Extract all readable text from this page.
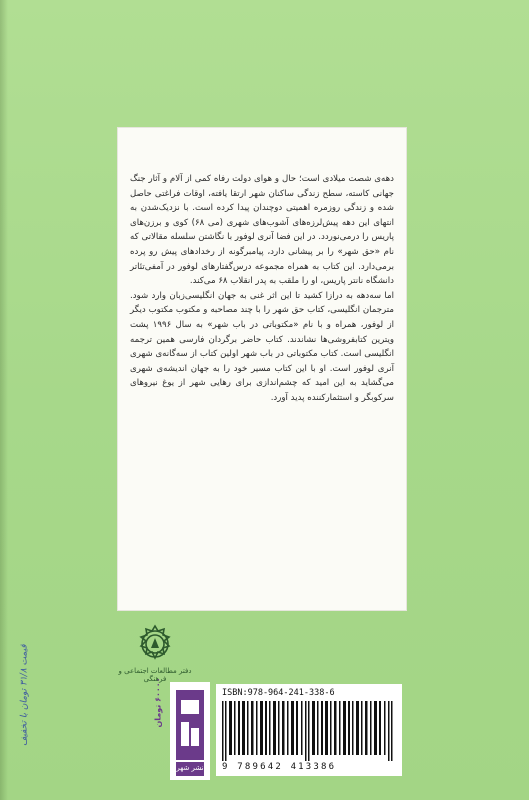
دهه‌ی شصت میلادی است؛ حال و هوای دولت رفاه کمی از آلام و آثار جنگ جهانی کاسته، سطح زندگی ساکنان شهر ارتقا یافته، اوقات فراغتی حاصل شده و زندگی روزمره اهمیتی دوچندان پیدا کرده است. با نزدیک‌شدن به انتهای این دهه پیش‌لرزه‌های آشوب‌های شهری (می ۶۸) کوی و برزن‌های پاریس را درمی‌نوردد. در این فضا آنری لوفور با نگاشتن سلسله مقالاتی که نام «حق شهر» را بر پیشانی دارد، پیامبرگونه از رخدادهای پیش رو پرده برمی‌دارد. این کتاب به همراه مجموعه درس‌گفتارهای لوفور در آمفی‌تئاتر دانشگاه نانتر پاریس، او را ملقب به پدر انقلاب ۶۸ می‌کند.

اما سه‌دهه به درازا کشید تا این اثر غنی به جهان انگلیسی‌زبان وارد شود. مترجمان انگلیسی، کتاب حق شهر را با چند مصاحبه و مکتوب مکتوب دیگر از لوفور، همراه و با نام «مکتوباتی در باب شهر» به سال ۱۹۹۶ پشت ویترین کتابفروشی‌ها نشاندند. کتاب حاضر برگردان فارسی همین ترجمه انگلیسی است. کتاب مکتوباتی در باب شهر اولین کتاب از سه‌گانه‌ی شهری آنری لوفور است. او با این کتاب مسیر خود را به جهان اندیشه‌ی شهری می‌گشاید به این امید که چشم‌اندازی برای رهایی شهر از یوغ نیروهای سرکوبگر و استثمارکننده پدید آورد.

دفتر مطالعات اجتماعی و فرهنگی
قیمت ۳۱/۸ تومان با تخفیف
۶۰۰۰۰ تومان
نشر شهر
ISBN:978-964-241-338-6
9 789642 413386
